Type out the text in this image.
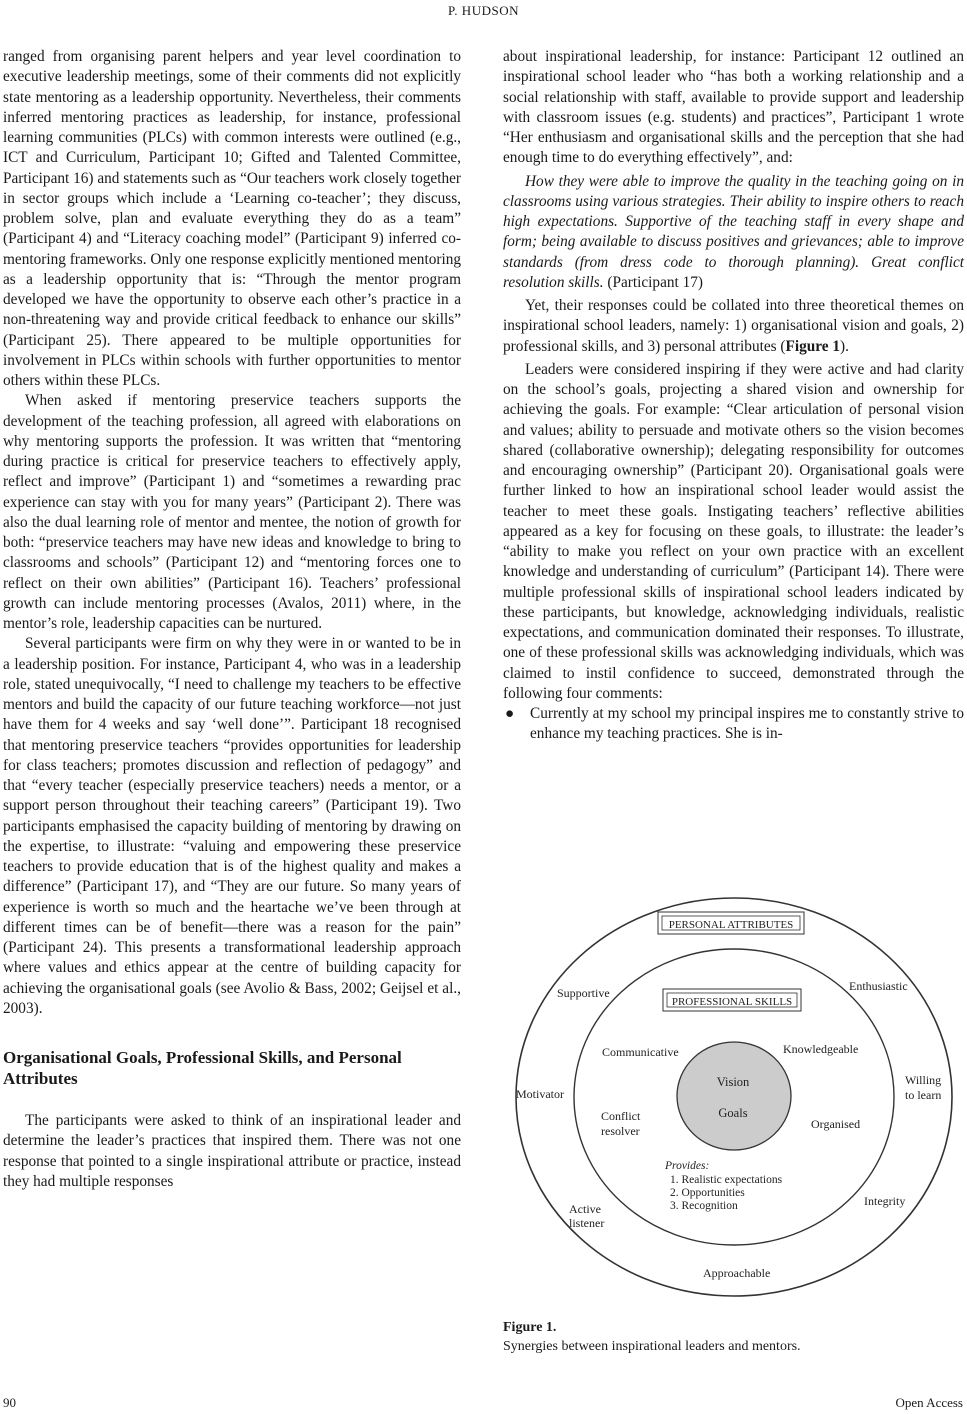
P. HUDSON

ranged from organising parent helpers and year level coordination to executive leadership meetings, some of their comments did not explicitly state mentoring as a leadership opportunity. Nevertheless, their comments inferred mentoring practices as leadership, for instance, professional learning communities (PLCs) with common interests were outlined (e.g., ICT and Curriculum, Participant 10; Gifted and Talented Committee, Participant 16) and statements such as “Our teachers work closely together in sector groups which include a ‘Learning co-teacher’; they discuss, problem solve, plan and evaluate everything they do as a team” (Participant 4) and “Literacy coaching model” (Participant 9) inferred co-mentoring frameworks. Only one response explicitly mentioned mentoring as a leadership opportunity that is: “Through the mentor program developed we have the opportunity to observe each other’s practice in a non-threatening way and provide critical feedback to enhance our skills” (Participant 25). There appeared to be multiple opportunities for involvement in PLCs within schools with further opportunities to mentor others within these PLCs.

When asked if mentoring preservice teachers supports the development of the teaching profession, all agreed with elaborations on why mentoring supports the profession. It was written that “mentoring during practice is critical for preservice teachers to effectively apply, reflect and improve” (Participant 1) and “sometimes a rewarding prac experience can stay with you for many years” (Participant 2). There was also the dual learning role of mentor and mentee, the notion of growth for both: “preservice teachers may have new ideas and knowledge to bring to classrooms and schools” (Participant 12) and “mentoring forces one to reflect on their own abilities” (Participant 16). Teachers’ professional growth can include mentoring processes (Avalos, 2011) where, in the mentor’s role, leadership capacities can be nurtured.

Several participants were firm on why they were in or wanted to be in a leadership position. For instance, Participant 4, who was in a leadership role, stated unequivocally, “I need to challenge my teachers to be effective mentors and build the capacity of our future teaching workforce—not just have them for 4 weeks and say ‘well done’”. Participant 18 recognised that mentoring preservice teachers “provides opportunities for leadership for class teachers; promotes discussion and reflection of pedagogy” and that “every teacher (especially preservice teachers) needs a mentor, or a support person throughout their teaching careers” (Participant 19). Two participants emphasised the capacity building of mentoring by drawing on the expertise, to illustrate: “valuing and empowering these preservice teachers to provide education that is of the highest quality and makes a difference” (Participant 17), and “They are our future. So many years of experience is worth so much and the heartache we’ve been through at different times can be of benefit—there was a reason for the pain” (Participant 24). This presents a transformational leadership approach where values and ethics appear at the centre of building capacity for achieving the organisational goals (see Avolio & Bass, 2002; Geijsel et al., 2003).

Organisational Goals, Professional Skills, and Personal Attributes

The participants were asked to think of an inspirational leader and determine the leader’s practices that inspired them. There was not one response that pointed to a single inspirational attribute or practice, instead they had multiple responses

about inspirational leadership, for instance: Participant 12 outlined an inspirational school leader who “has both a working relationship and a social relationship with staff, available to provide support and leadership with classroom issues (e.g. students) and practices”, Participant 1 wrote “Her enthusiasm and organisational skills and the perception that she had enough time to do everything effectively”, and:

How they were able to improve the quality in the teaching going on in classrooms using various strategies. Their ability to inspire others to reach high expectations. Supportive of the teaching staff in every shape and form; being available to discuss positives and grievances; able to improve standards (from dress code to thorough planning). Great conflict resolution skills. (Participant 17)

Yet, their responses could be collated into three theoretical themes on inspirational school leaders, namely: 1) organisational vision and goals, 2) professional skills, and 3) personal attributes (Figure 1).

Leaders were considered inspiring if they were active and had clarity on the school’s goals, projecting a shared vision and ownership for achieving the goals. For example: “Clear articulation of personal vision and values; ability to persuade and motivate others so the vision becomes shared (collaborative ownership); delegating responsibility for outcomes and encouraging ownership” (Participant 20). Organisational goals were further linked to how an inspirational school leader would assist the teacher to meet these goals. Instigating teachers’ reflective abilities appeared as a key for focusing on these goals, to illustrate: the leader’s “ability to make you reflect on your own practice with an excellent knowledge and understanding of curriculum” (Participant 14). There were multiple professional skills of inspirational school leaders indicated by these participants, but knowledge, acknowledging individuals, realistic expectations, and communication dominated their responses. To illustrate, one of these professional skills was acknowledging individuals, which was claimed to instil confidence to succeed, demonstrated through the following four comments:

● Currently at my school my principal inspires me to constantly strive to enhance my teaching practices. She is in-

PERSONAL ATTRIBUTES
PROFESSIONAL SKILLS
Vision
Goals
Supportive	Enthusiastic
Motivator
Willing
to learn
Integrity
Active
listener
Approachable
Communicative	Knowledgeable
Conflict
resolver	Organised
Provides:
1. Realistic expectations
2. Opportunities
3. Recognition
Figure 1.
Synergies between inspirational leaders and mentors.
90	Open Access
